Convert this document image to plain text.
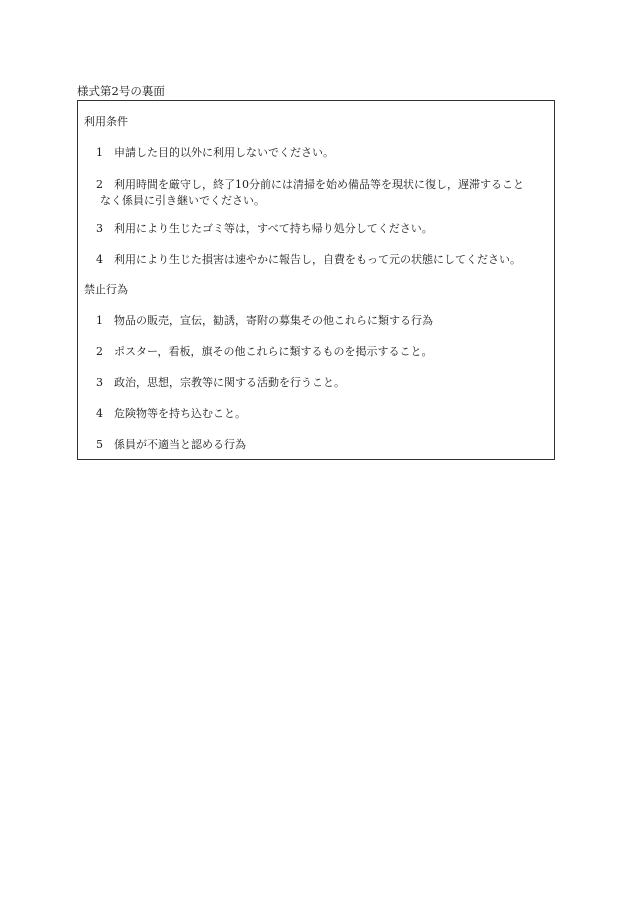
様式第2号の裏面
利用条件
1 申請した目的以外に利用しないでください。
2 利用時間を厳守し，終了10分前には清掃を始め備品等を現状に復し，遅滞すること
なく係員に引き継いでください。
3 利用により生じたゴミ等は，すべて持ち帰り処分してください。
4 利用により生じた損害は速やかに報告し，自費をもって元の状態にしてください。
禁止行為
1 物品の販売，宣伝，勧誘，寄附の募集その他これらに類する行為
2 ポスター，看板，旗その他これらに類するものを掲示すること。
3 政治，思想，宗教等に関する活動を行うこと。
4 危険物等を持ち込むこと。
5 係員が不適当と認める行為
